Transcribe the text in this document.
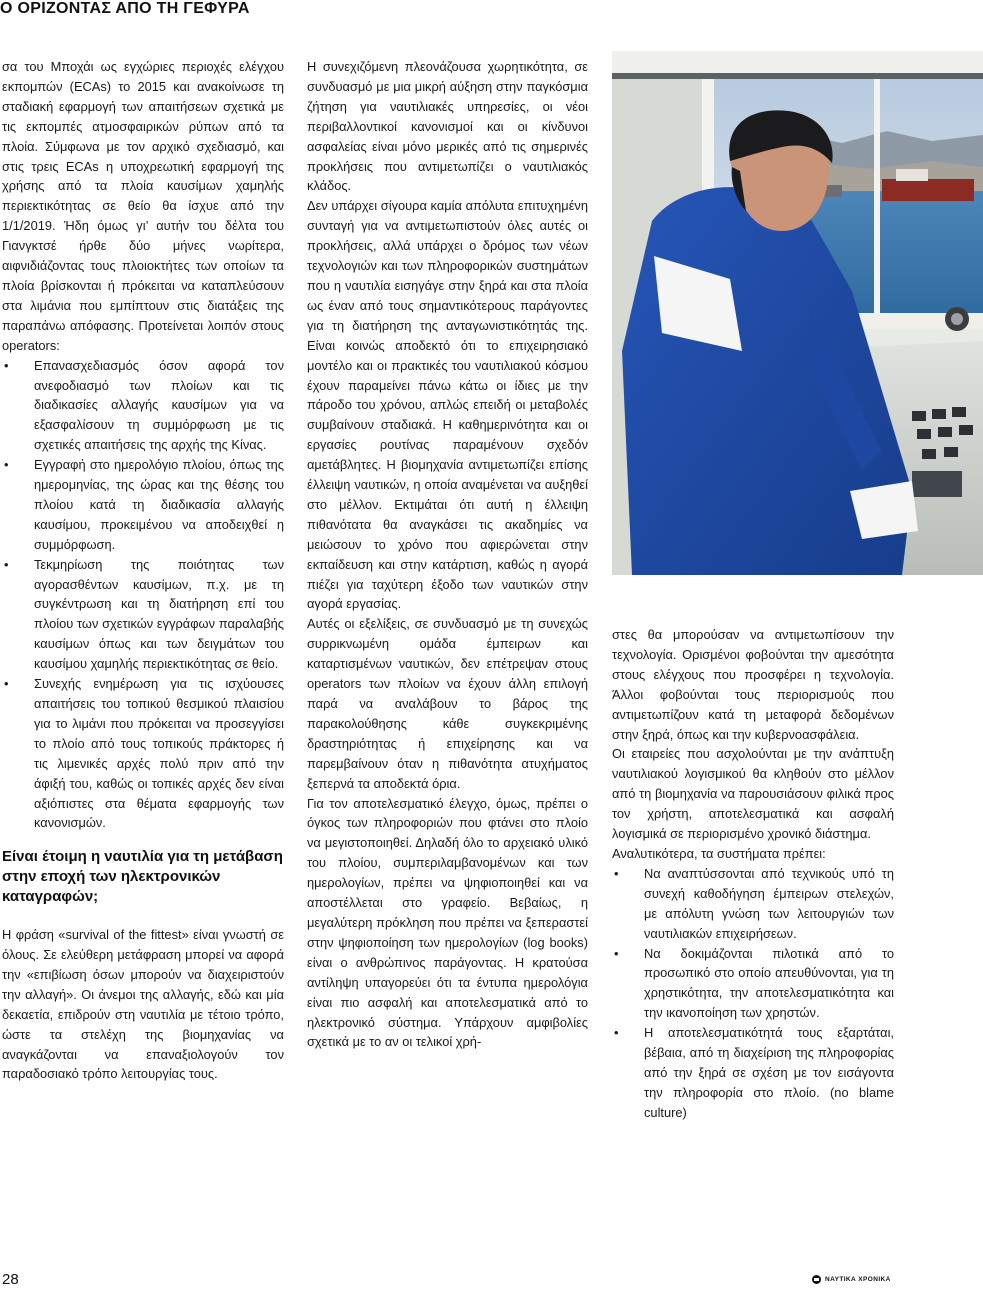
Ο ΟΡΙΖΟΝΤΑΣ ΑΠΟ ΤΗ ΓΕΦΥΡΑ

σα του Μποχάι ως εγχώριες περιοχές ελέγχου εκπομπών (ECAs) το 2015 και ανακοίνωσε τη σταδιακή εφαρμογή των απαιτήσεων σχετικά με τις εκπομπές ατμοσφαιρικών ρύπων από τα πλοία. Σύμφωνα με τον αρχικό σχεδιασμό, και στις τρεις ECAs η υποχρεωτική εφαρμογή της χρήσης από τα πλοία καυσίμων χαμηλής περιεκτικότητας σε θείο θα ίσχυε από την 1/1/2019. Ήδη όμως γι’ αυτήν του δέλτα του Γιανγκτσέ ήρθε δύο μήνες νωρίτερα, αιφνιδιάζοντας τους πλοιοκτήτες των οποίων τα πλοία βρίσκονται ή πρόκειται να καταπλεύσουν στα λιμάνια που εμπίπτουν στις διατάξεις της παραπάνω απόφασης. Προτείνεται λοιπόν στους operators:

• Επανασχεδιασμός όσον αφορά τον ανεφοδιασμό των πλοίων και τις διαδικασίες αλλαγής καυσίμων για να εξασφαλίσουν τη συμμόρφωση με τις σχετικές απαιτήσεις της αρχής της Κίνας.
• Εγγραφή στο ημερολόγιο πλοίου, όπως της ημερομηνίας, της ώρας και της θέσης του πλοίου κατά τη διαδικασία αλλαγής καυσίμου, προκειμένου να αποδειχθεί η συμμόρφωση.
• Τεκμηρίωση της ποιότητας των αγορασθέντων καυσίμων, π.χ. με τη συγκέντρωση και τη διατήρηση επί του πλοίου των σχετικών εγγράφων παραλαβής καυσίμων όπως και των δειγμάτων του καυσίμου χαμηλής περιεκτικότητας σε θείο.
• Συνεχής ενημέρωση για τις ισχύουσες απαιτήσεις του τοπικού θεσμικού πλαισίου για το λιμάνι που πρόκειται να προσεγγίσει το πλοίο από τους τοπικούς πράκτορες ή τις λιμενικές αρχές πολύ πριν από την άφιξή του, καθώς οι τοπικές αρχές δεν είναι αξιόπιστες στα θέματα εφαρμογής των κανονισμών.
Είναι έτοιμη η ναυτιλία για τη μετάβαση στην εποχή των ηλεκτρονικών καταγραφών;

Η φράση «survival of the fittest» είναι γνωστή σε όλους. Σε ελεύθερη μετάφραση μπορεί να αφορά την «επιβίωση όσων μπορούν να διαχειριστούν την αλλαγή». Οι άνεμοι της αλλαγής, εδώ και μία δεκαετία, επιδρούν στη ναυτιλία με τέτοιο τρόπο, ώστε τα στελέχη της βιομηχανίας να αναγκάζονται να επαναξιολογούν τον παραδοσιακό τρόπο λειτουργίας τους.

Η συνεχιζόμενη πλεονάζουσα χωρητικότητα, σε συνδυασμό με μια μικρή αύξηση στην παγκόσμια ζήτηση για ναυτιλιακές υπηρεσίες, οι νέοι περιβαλλοντικοί κανονισμοί και οι κίνδυνοι ασφαλείας είναι μόνο μερικές από τις σημερινές προκλήσεις που αντιμετωπίζει ο ναυτιλιακός κλάδος.

Δεν υπάρχει σίγουρα καμία απόλυτα επιτυχημένη συνταγή για να αντιμετωπιστούν όλες αυτές οι προκλήσεις, αλλά υπάρχει ο δρόμος των νέων τεχνολογιών και των πληροφορικών συστημάτων που η ναυτιλία εισηγάγε στην ξηρά και στα πλοία ως έναν από τους σημαντικότερους παράγοντες για τη διατήρηση της ανταγωνιστικότητάς της. Είναι κοινώς αποδεκτό ότι το επιχειρησιακό μοντέλο και οι πρακτικές του ναυτιλιακού κόσμου έχουν παραμείνει πάνω κάτω οι ίδιες με την πάροδο του χρόνου, απλώς επειδή οι μεταβολές συμβαίνουν σταδιακά. Η καθημερινότητα και οι εργασίες ρουτίνας παραμένουν σχεδόν αμετάβλητες. Η βιομηχανία αντιμετωπίζει επίσης έλλειψη ναυτικών, η οποία αναμένεται να αυξηθεί στο μέλλον. Εκτιμάται ότι αυτή η έλλειψη πιθανότατα θα αναγκάσει τις ακαδημίες να μειώσουν το χρόνο που αφιερώνεται στην εκπαίδευση και στην κατάρτιση, καθώς η αγορά πιέζει για ταχύτερη έξοδο των ναυτικών στην αγορά εργασίας.

Αυτές οι εξελίξεις, σε συνδυασμό με τη συνεχώς συρρικνωμένη ομάδα έμπειρων και καταρτισμένων ναυτικών, δεν επέτρεψαν στους operators των πλοίων να έχουν άλλη επιλογή παρά να αναλάβουν το βάρος της παρακολούθησης κάθε συγκεκριμένης δραστηριότητας ή επιχείρησης και να παρεμβαίνουν όταν η πιθανότητα ατυχήματος ξεπερνά τα αποδεκτά όρια.

Για τον αποτελεσματικό έλεγχο, όμως, πρέπει ο όγκος των πληροφοριών που φτάνει στο πλοίο να μεγιστοποιηθεί. Δηλαδή όλο το αρχειακό υλικό του πλοίου, συμπεριλαμβανομένων και των ημερολογίων, πρέπει να ψηφιοποιηθεί και να αποστέλλεται στο γραφείο. Βεβαίως, η μεγαλύτερη πρόκληση που πρέπει να ξεπεραστεί στην ψηφιοποίηση των ημερολογίων (log books) είναι ο ανθρώπινος παράγοντας. Η κρατούσα αντίληψη υπαγορεύει ότι τα έντυπα ημερολόγια είναι πιο ασφαλή και αποτελεσματικά από το ηλεκτρονικό σύστημα. Υπάρχουν αμφιβολίες σχετικά με το αν οι τελικοί χρή-

στες θα μπορούσαν να αντιμετωπίσουν την τεχνολογία. Ορισμένοι φοβούνται την αμεσότητα στους ελέγχους που προσφέρει η τεχνολογία. Άλλοι φοβούνται τους περιορισμούς που αντιμετωπίζουν κατά τη μεταφορά δεδομένων στην ξηρά, όπως και την κυβερνοασφάλεια.

Οι εταιρείες που ασχολούνται με την ανάπτυξη ναυτιλιακού λογισμικού θα κληθούν στο μέλλον από τη βιομηχανία να παρουσιάσουν φιλικά προς τον χρήστη, αποτελεσματικά και ασφαλή λογισμικά σε περιορισμένο χρονικό διάστημα.

Αναλυτικότερα, τα συστήματα πρέπει:

• Να αναπτύσσονται από τεχνικούς υπό τη συνεχή καθοδήγηση έμπειρων στελεχών, με απόλυτη γνώση των λειτουργιών των ναυτιλιακών επιχειρήσεων.
• Να δοκιμάζονται πιλοτικά από το προσωπικό στο οποίο απευθύνονται, για τη χρηστικότητα, την αποτελεσματικότητα και την ικανοποίηση των χρηστών.
• Η αποτελεσματικότητά τους εξαρτάται, βέβαια, από τη διαχείριση της πληροφορίας από την ξηρά σε σχέση με τον εισάγοντα την πληροφορία στο πλοίο. (no blame culture)
28	ΝΑΥΤΙΚΑ ΧΡΟΝΙΚΑ
